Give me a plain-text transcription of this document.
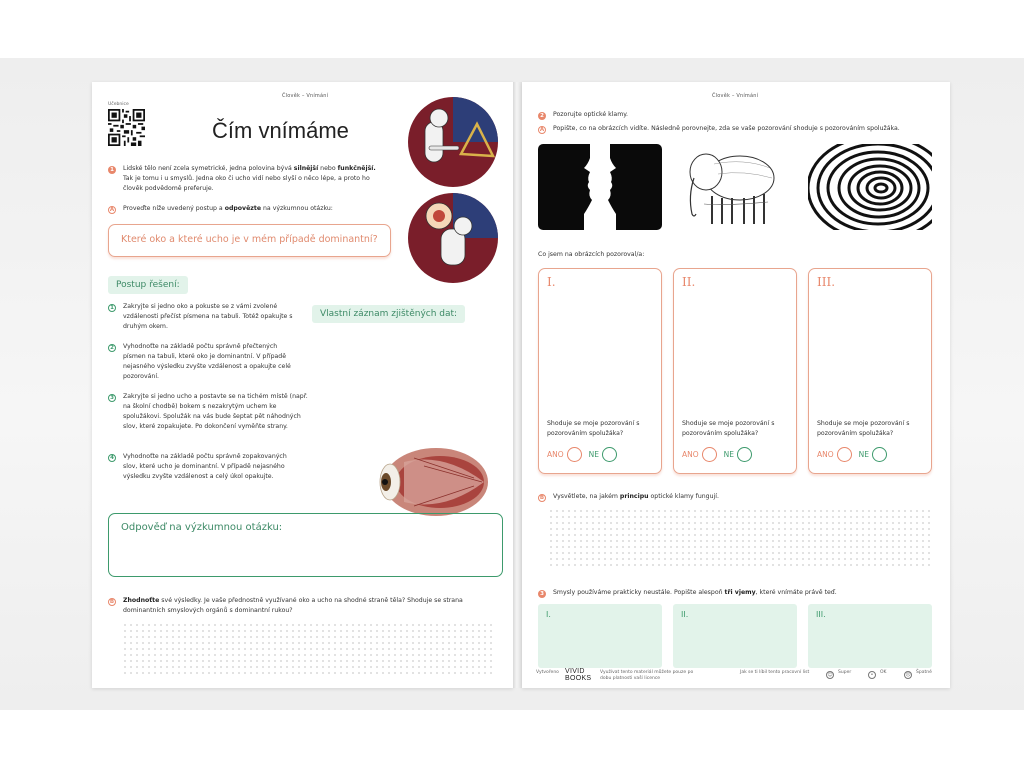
Člověk – Vnímání
Učebnice
Čím vnímáme
1	Lidské tělo není zcela symetrické, jedna polovina bývá silnější nebo funkčnější. Tak je tomu i u smyslů. Jedna oko či ucho vidí nebo slyší o něco lépe, a proto ho člověk podvědomě preferuje.
A	Proveďte níže uvedený postup a odpovězte na výzkumnou otázku:
Které oko a které ucho je v mém případě dominantní?
Postup řešení:
Vlastní záznam zjištěných dat:
1	Zakryjte si jedno oko a pokuste se z vámi zvolené vzdálenosti přečíst písmena na tabuli. Totéž opakujte s druhým okem.
2	Vyhodnoťte na základě počtu správně přečtených písmen na tabuli, které oko je dominantní. V případě nejasného výsledku zvyšte vzdálenost a opakujte celé pozorování.
3	Zakryjte si jedno ucho a postavte se na tichém místě (např. na školní chodbě) bokem s nezakrytým uchem ke spolužákovi. Spolužák na vás bude šeptat pět náhodných slov, které zopakujete. Po dokončení vyměňte strany.
4	Vyhodnoťte na základě počtu správně zopakovaných slov, které ucho je dominantní. V případě nejasného výsledku zvyšte vzdálenost a celý úkol opakujte.
Odpověď na výzkumnou otázku:
B	Zhodnoťte své výsledky. Je vaše přednostně využívané oko a ucho na shodné straně těla? Shoduje se strana dominantních smyslových orgánů s dominantní rukou?
Člověk – Vnímání
2	Pozorujte optické klamy.
A	Popište, co na obrázcích vidíte. Následně porovnejte, zda se vaše pozorování shoduje s pozorováním spolužáka.
Co jsem na obrázcích pozoroval/a:
I.
Shoduje se moje pozorování s pozorováním spolužáka?
ANO	NE
II.
Shoduje se moje pozorování s pozorováním spolužáka?
ANO	NE
III.
Shoduje se moje pozorování s pozorováním spolužáka?
ANO	NE
B	Vysvětlete, na jakém principu optické klamy fungují.
3	Smysly používáme prakticky neustále. Popište alespoň tři vjemy, které vnímáte právě teď.
I.	II.	III.
Vytvořeno VIVID
BOOKS
Využívat tento materiál můžete pouze po dobu platnosti vaší licence
Jak se ti líbil tento pracovní list	☺	Super	•	OK	☹	Špatné
